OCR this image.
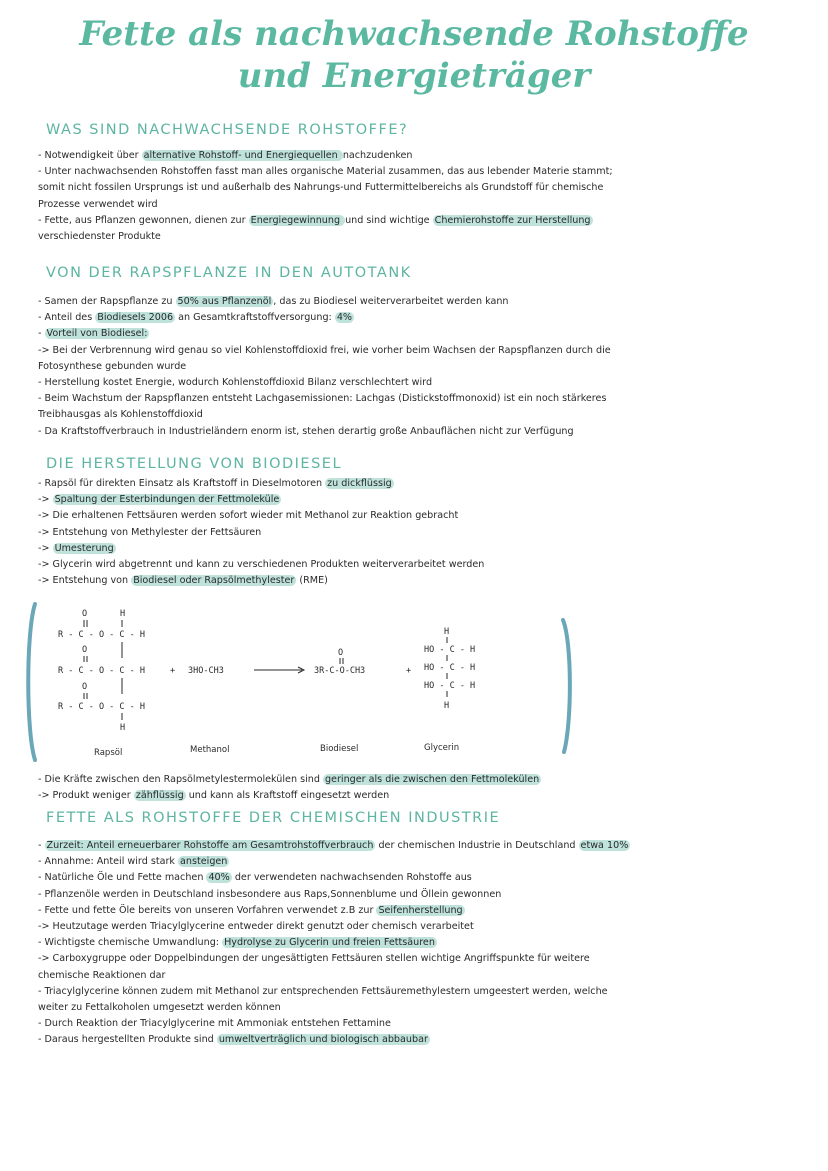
Fette als nachwachsende Rohstoffe
und Energieträger
WAS SIND NACHWACHSENDE ROHSTOFFE?
- Notwendigkeit über alternative Rohstoff- und Energiequellen nachzudenken
- Unter nachwachsenden Rohstoffen fasst man alles organische Material zusammen, das aus lebender Materie stammt;
somit nicht fossilen Ursprungs ist und außerhalb des Nahrungs-und Futtermittelbereichs als Grundstoff für chemische
Prozesse verwendet wird
- Fette, aus Pflanzen gewonnen, dienen zur Energiegewinnung und sind wichtige Chemierohstoffe zur Herstellung
verschiedenster Produkte
VON DER RAPSPFLANZE IN DEN AUTOTANK
- Samen der Rapspflanze zu 50% aus Pflanzenöl , das zu Biodiesel weiterverarbeitet werden kann
- Anteil des Biodiesels 2006 an Gesamtkraftstoffversorgung: 4%
- Vorteil von Biodiesel:
-> Bei der Verbrennung wird genau so viel Kohlenstoffdioxid frei, wie vorher beim Wachsen der Rapspflanzen durch die
Fotosynthese gebunden wurde
- Herstellung kostet Energie, wodurch Kohlenstoffdioxid Bilanz verschlechtert wird
- Beim Wachstum der Rapspflanzen entsteht Lachgasemissionen: Lachgas (Distickstoffmonoxid) ist ein noch stärkeres
Treibhausgas als Kohlenstoffdioxid
- Da Kraftstoffverbrauch in Industrieländern enorm ist, stehen derartig große Anbauflächen nicht zur Verfügung
DIE HERSTELLUNG VON BIODIESEL
- Rapsöl für direkten Einsatz als Kraftstoff in Dieselmotoren zu dickflüssig
-> Spaltung der Esterbindungen der Fettmoleküle
-> Die erhaltenen Fettsäuren werden sofort wieder mit Methanol zur Reaktion gebracht
-> Entstehung von Methylester der Fettsäuren
-> Umesterung
-> Glycerin wird abgetrennt und kann zu verschiedenen Produkten weiterverarbeitet werden
-> Entstehung von Biodiesel oder Rapsölmethylester (RME)
O	H
R - C - O - C - H
O
R - C - O - C - H
O
R - C - O - C - H
H
+ 3HO-CH3
O
3R-C-O-CH3	+
H
HO - C - H
HO - C - H
HO - C - H
H
Rapsöl	Methanol	Biodiesel	Glycerin
- Die Kräfte zwischen den Rapsölmetylestermolekülen sind geringer als die zwischen den Fettmolekülen
-> Produkt weniger zähflüssig und kann als Kraftstoff eingesetzt werden
FETTE ALS ROHSTOFFE DER CHEMISCHEN INDUSTRIE
- Zurzeit: Anteil erneuerbarer Rohstoffe am Gesamtrohstoffverbrauch der chemischen Industrie in Deutschland etwa 10%
- Annahme: Anteil wird stark ansteigen
- Natürliche Öle und Fette machen 40% der verwendeten nachwachsenden Rohstoffe aus
- Pflanzenöle werden in Deutschland insbesondere aus Raps,Sonnenblume und Öllein gewonnen
- Fette und fette Öle bereits von unseren Vorfahren verwendet z.B zur Seifenherstellung
-> Heutzutage werden Triacylglycerine entweder direkt genutzt oder chemisch verarbeitet
- Wichtigste chemische Umwandlung: Hydrolyse zu Glycerin und freien Fettsäuren
-> Carboxygruppe oder Doppelbindungen der ungesättigten Fettsäuren stellen wichtige Angriffspunkte für weitere
chemische Reaktionen dar
- Triacylglycerine können zudem mit Methanol zur entsprechenden Fettsäuremethylestern umgeestert werden, welche
weiter zu Fettalkoholen umgesetzt werden können
- Durch Reaktion der Triacylglycerine mit Ammoniak entstehen Fettamine
- Daraus hergestellten Produkte sind umweltverträglich und biologisch abbaubar
